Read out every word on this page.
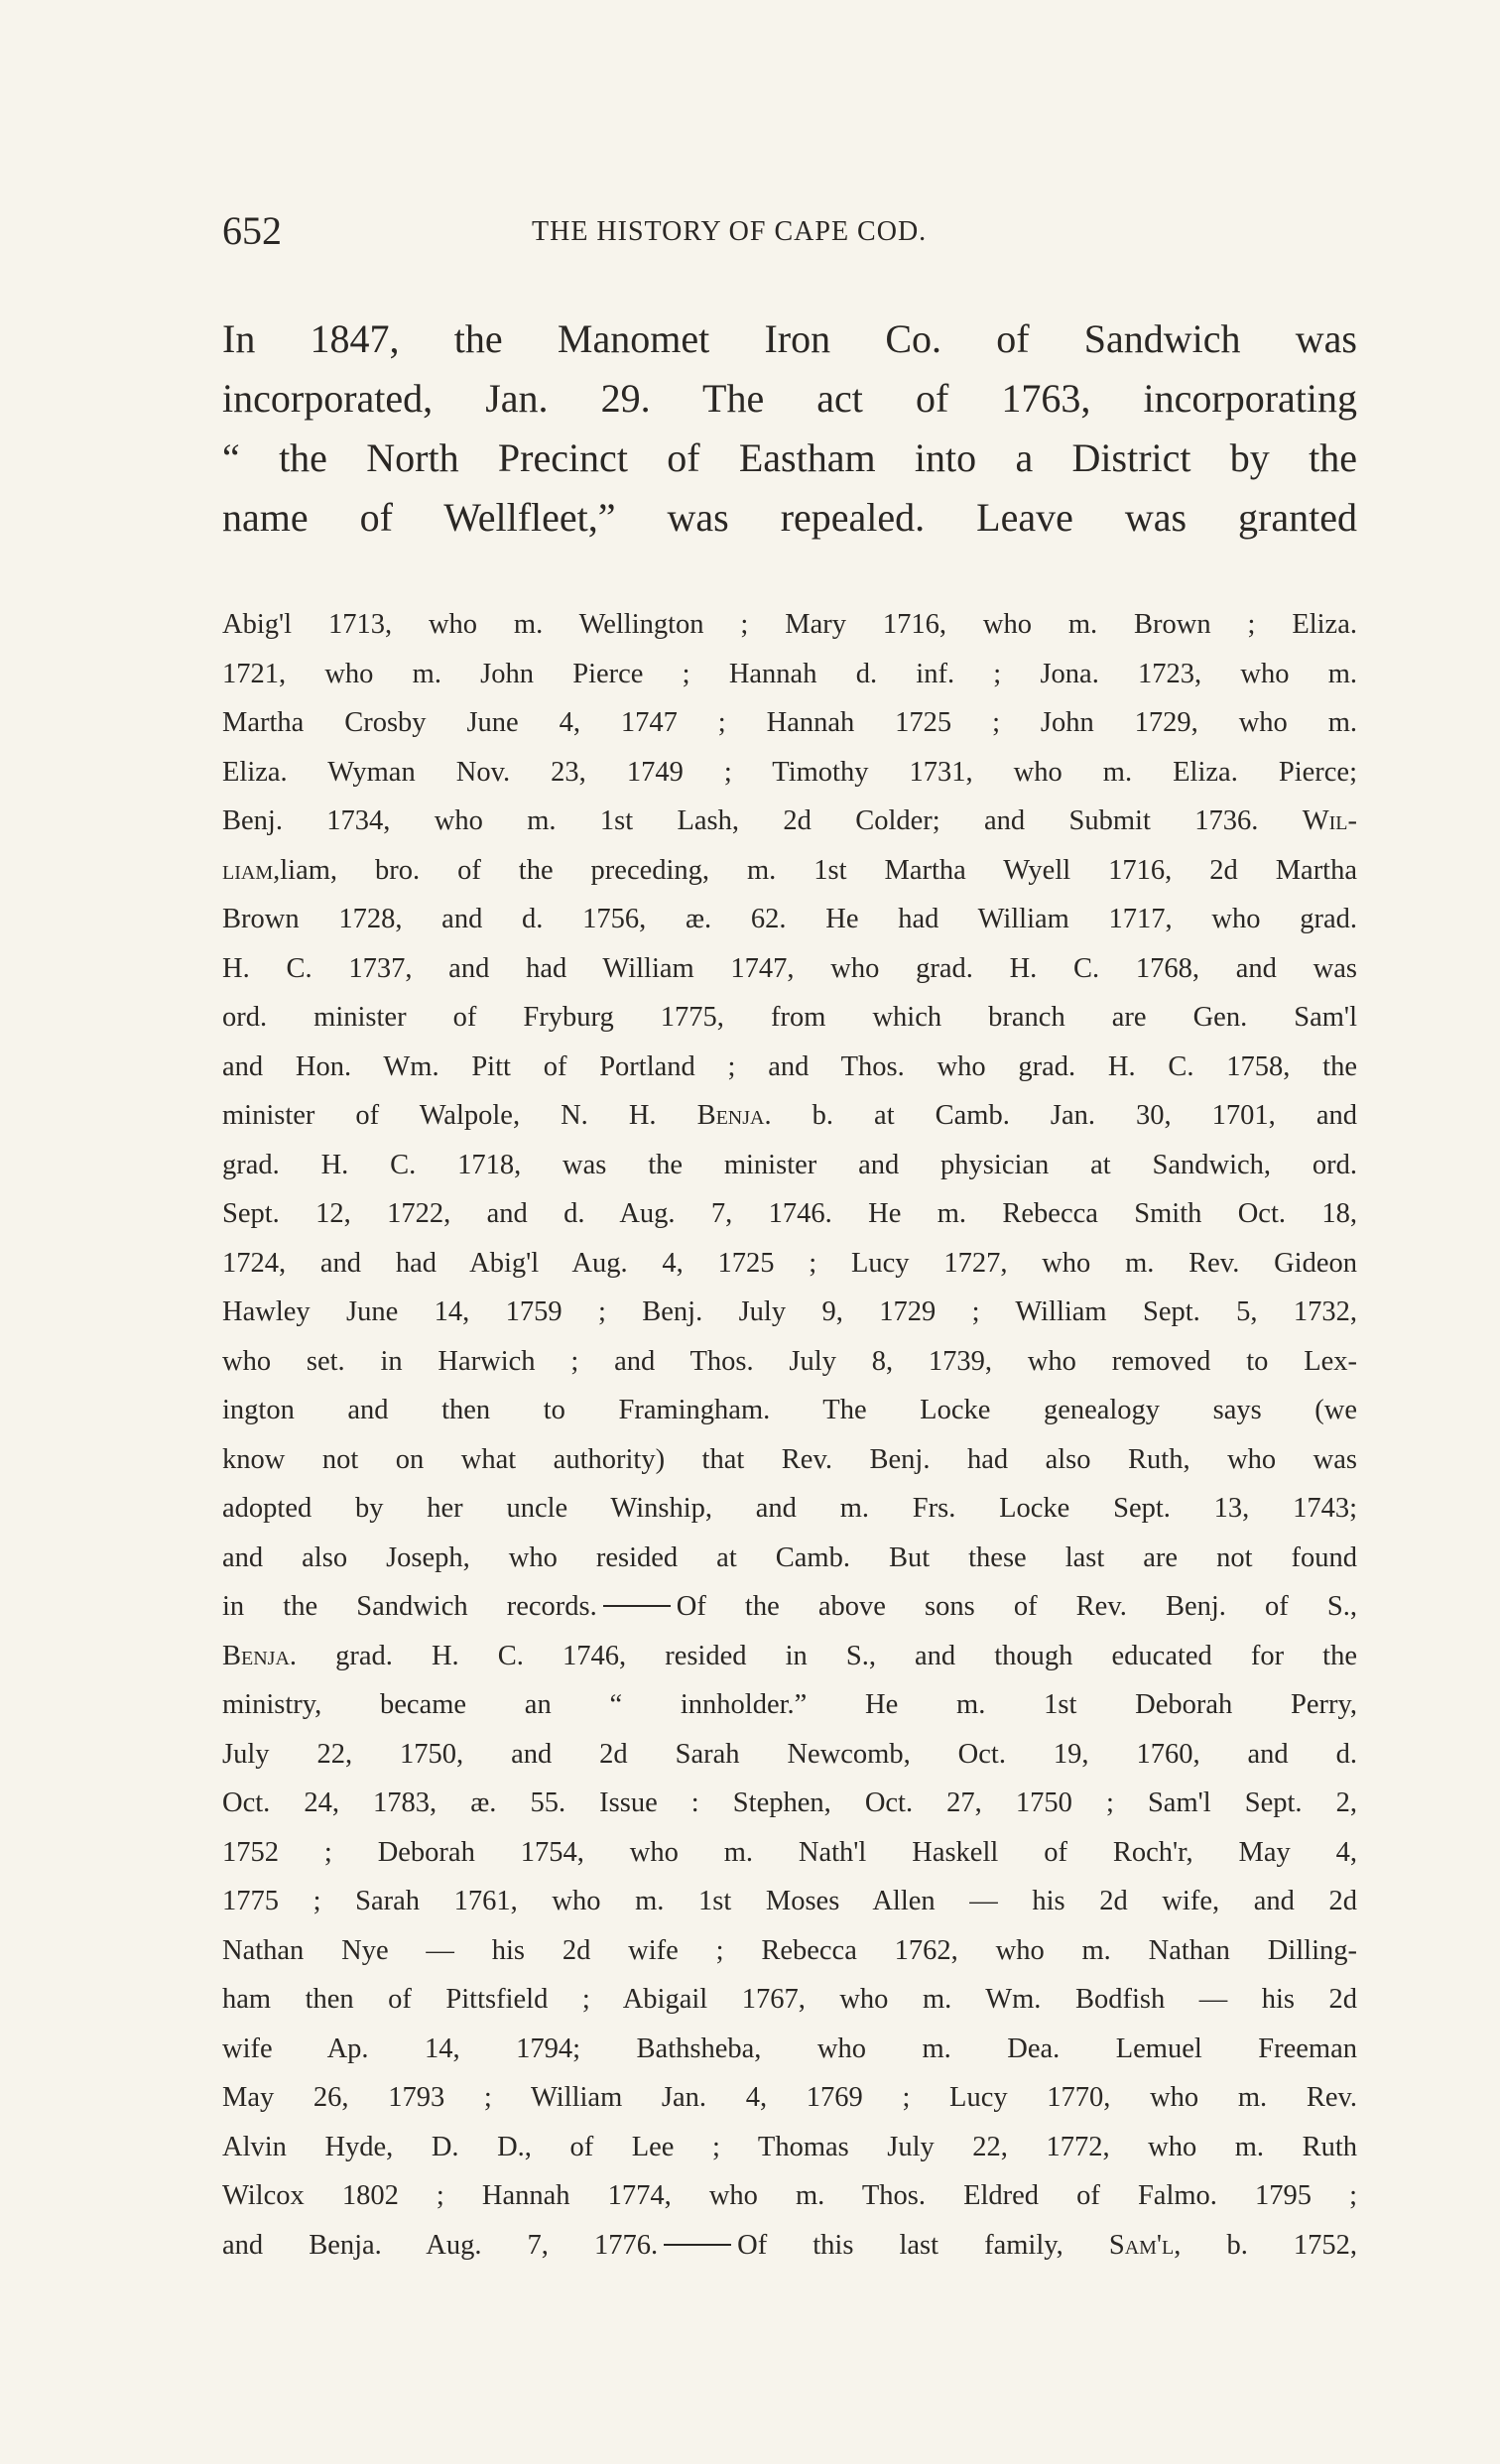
652	THE HISTORY OF CAPE COD.
In 1847, the Manomet Iron Co. of Sandwich was
incorporated, Jan. 29. The act of 1763, incorporating
“ the North Precinct of Eastham into a District by the
name of Wellfleet,” was repealed. Leave was granted
Abig'l 1713, who m. Wellington ; Mary 1716, who m. Brown ; Eliza.
1721, who m. John Pierce ; Hannah d. inf. ; Jona. 1723, who m.
Martha Crosby June 4, 1747 ; Hannah 1725 ; John 1729, who m.
Eliza. Wyman Nov. 23, 1749 ; Timothy 1731, who m. Eliza. Pierce;
Benj. 1734, who m. 1st Lash, 2d Colder; and Submit 1736. Wil-
liam,liam, bro. of the preceding, m. 1st Martha Wyell 1716, 2d Martha
Brown 1728, and d. 1756, æ. 62. He had William 1717, who grad.
H. C. 1737, and had William 1747, who grad. H. C. 1768, and was
ord. minister of Fryburg 1775, from which branch are Gen. Sam'l
and Hon. Wm. Pitt of Portland ; and Thos. who grad. H. C. 1758, the
minister of Walpole, N. H. Benja. b. at Camb. Jan. 30, 1701, and
grad. H. C. 1718, was the minister and physician at Sandwich, ord.
Sept. 12, 1722, and d. Aug. 7, 1746. He m. Rebecca Smith Oct. 18,
1724, and had Abig'l Aug. 4, 1725 ; Lucy 1727, who m. Rev. Gideon
Hawley June 14, 1759 ; Benj. July 9, 1729 ; William Sept. 5, 1732,
who set. in Harwich ; and Thos. July 8, 1739, who removed to Lex-
ington and then to Framingham. The Locke genealogy says (we
know not on what authority) that Rev. Benj. had also Ruth, who was
adopted by her uncle Winship, and m. Frs. Locke Sept. 13, 1743;
and also Joseph, who resided at Camb. But these last are not found
in the Sandwich records.	Of the above sons of Rev. Benj. of S.,
Benja. grad. H. C. 1746, resided in S., and though educated for the
ministry, became an “ innholder.” He m. 1st Deborah Perry,
July 22, 1750, and 2d Sarah Newcomb, Oct. 19, 1760, and d.
Oct. 24, 1783, æ. 55. Issue : Stephen, Oct. 27, 1750 ; Sam'l Sept. 2,
1752 ; Deborah 1754, who m. Nath'l Haskell of Roch'r, May 4,
1775 ; Sarah 1761, who m. 1st Moses Allen — his 2d wife, and 2d
Nathan Nye — his 2d wife ; Rebecca 1762, who m. Nathan Dilling-
ham then of Pittsfield ; Abigail 1767, who m. Wm. Bodfish — his 2d
wife Ap. 14, 1794; Bathsheba, who m. Dea. Lemuel Freeman
May 26, 1793 ; William Jan. 4, 1769 ; Lucy 1770, who m. Rev.
Alvin Hyde, D. D., of Lee ; Thomas July 22, 1772, who m. Ruth
Wilcox 1802 ; Hannah 1774, who m. Thos. Eldred of Falmo. 1795 ;
and Benja. Aug. 7, 1776.	Of this last family, Sam'l, b. 1752,
